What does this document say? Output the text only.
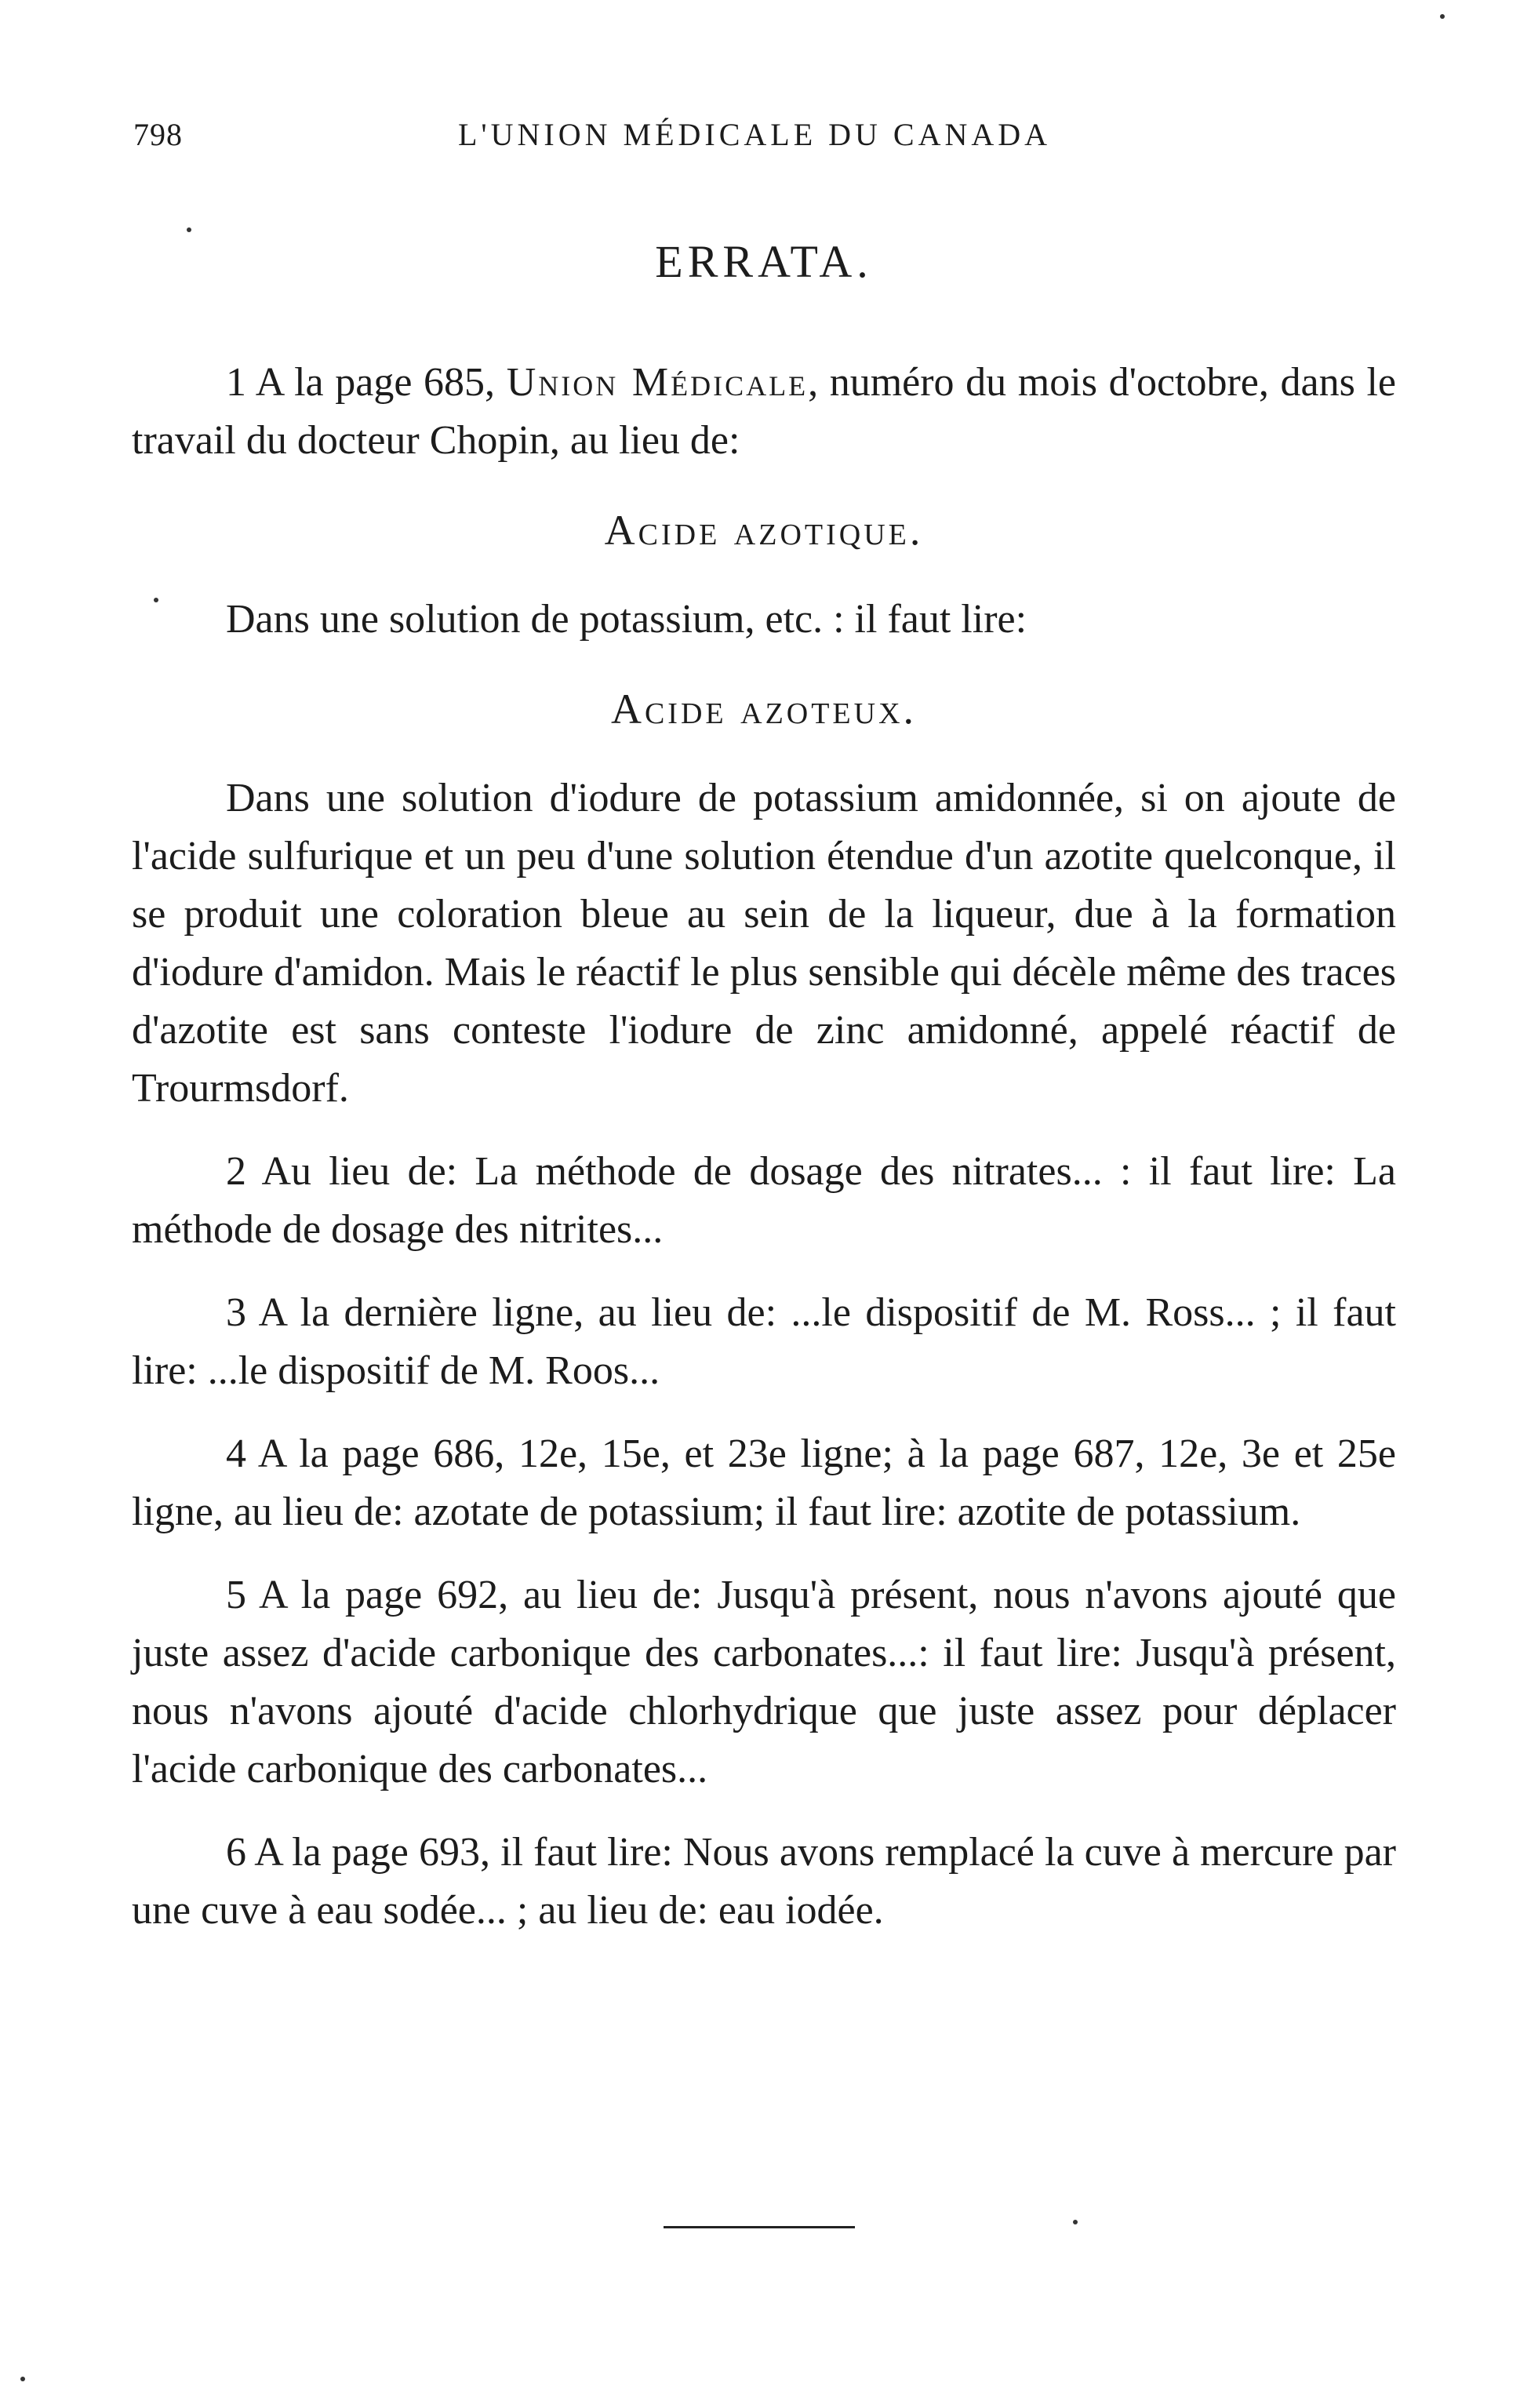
798	L'UNION MÉDICALE DU CANADA
ERRATA.

1 A la page 685, Union Médicale, numéro du mois d'octobre, dans le travail du docteur Chopin, au lieu de:

Acide azotique.

Dans une solution de potassium, etc. : il faut lire:

Acide azoteux.

Dans une solution d'iodure de potassium amidonnée, si on ajoute de l'acide sulfurique et un peu d'une solution étendue d'un azotite quelconque, il se produit une coloration bleue au sein de la liqueur, due à la formation d'iodure d'amidon. Mais le réactif le plus sensible qui décèle même des traces d'azotite est sans conteste l'iodure de zinc amidonné, appelé réactif de Trourmsdorf.

2 Au lieu de: La méthode de dosage des nitrates... : il faut lire: La méthode de dosage des nitrites...

3 A la dernière ligne, au lieu de: ...le dispositif de M. Ross... ; il faut lire: ...le dispositif de M. Roos...

4 A la page 686, 12e, 15e, et 23e ligne; à la page 687, 12e, 3e et 25e ligne, au lieu de: azotate de potassium; il faut lire: azotite de potassium.

5 A la page 692, au lieu de: Jusqu'à présent, nous n'avons ajouté que juste assez d'acide carbonique des carbonates...: il faut lire: Jusqu'à présent, nous n'avons ajouté d'acide chlorhydrique que juste assez pour déplacer l'acide carbonique des carbonates...

6 A la page 693, il faut lire: Nous avons remplacé la cuve à mercure par une cuve à eau sodée... ; au lieu de: eau iodée.
